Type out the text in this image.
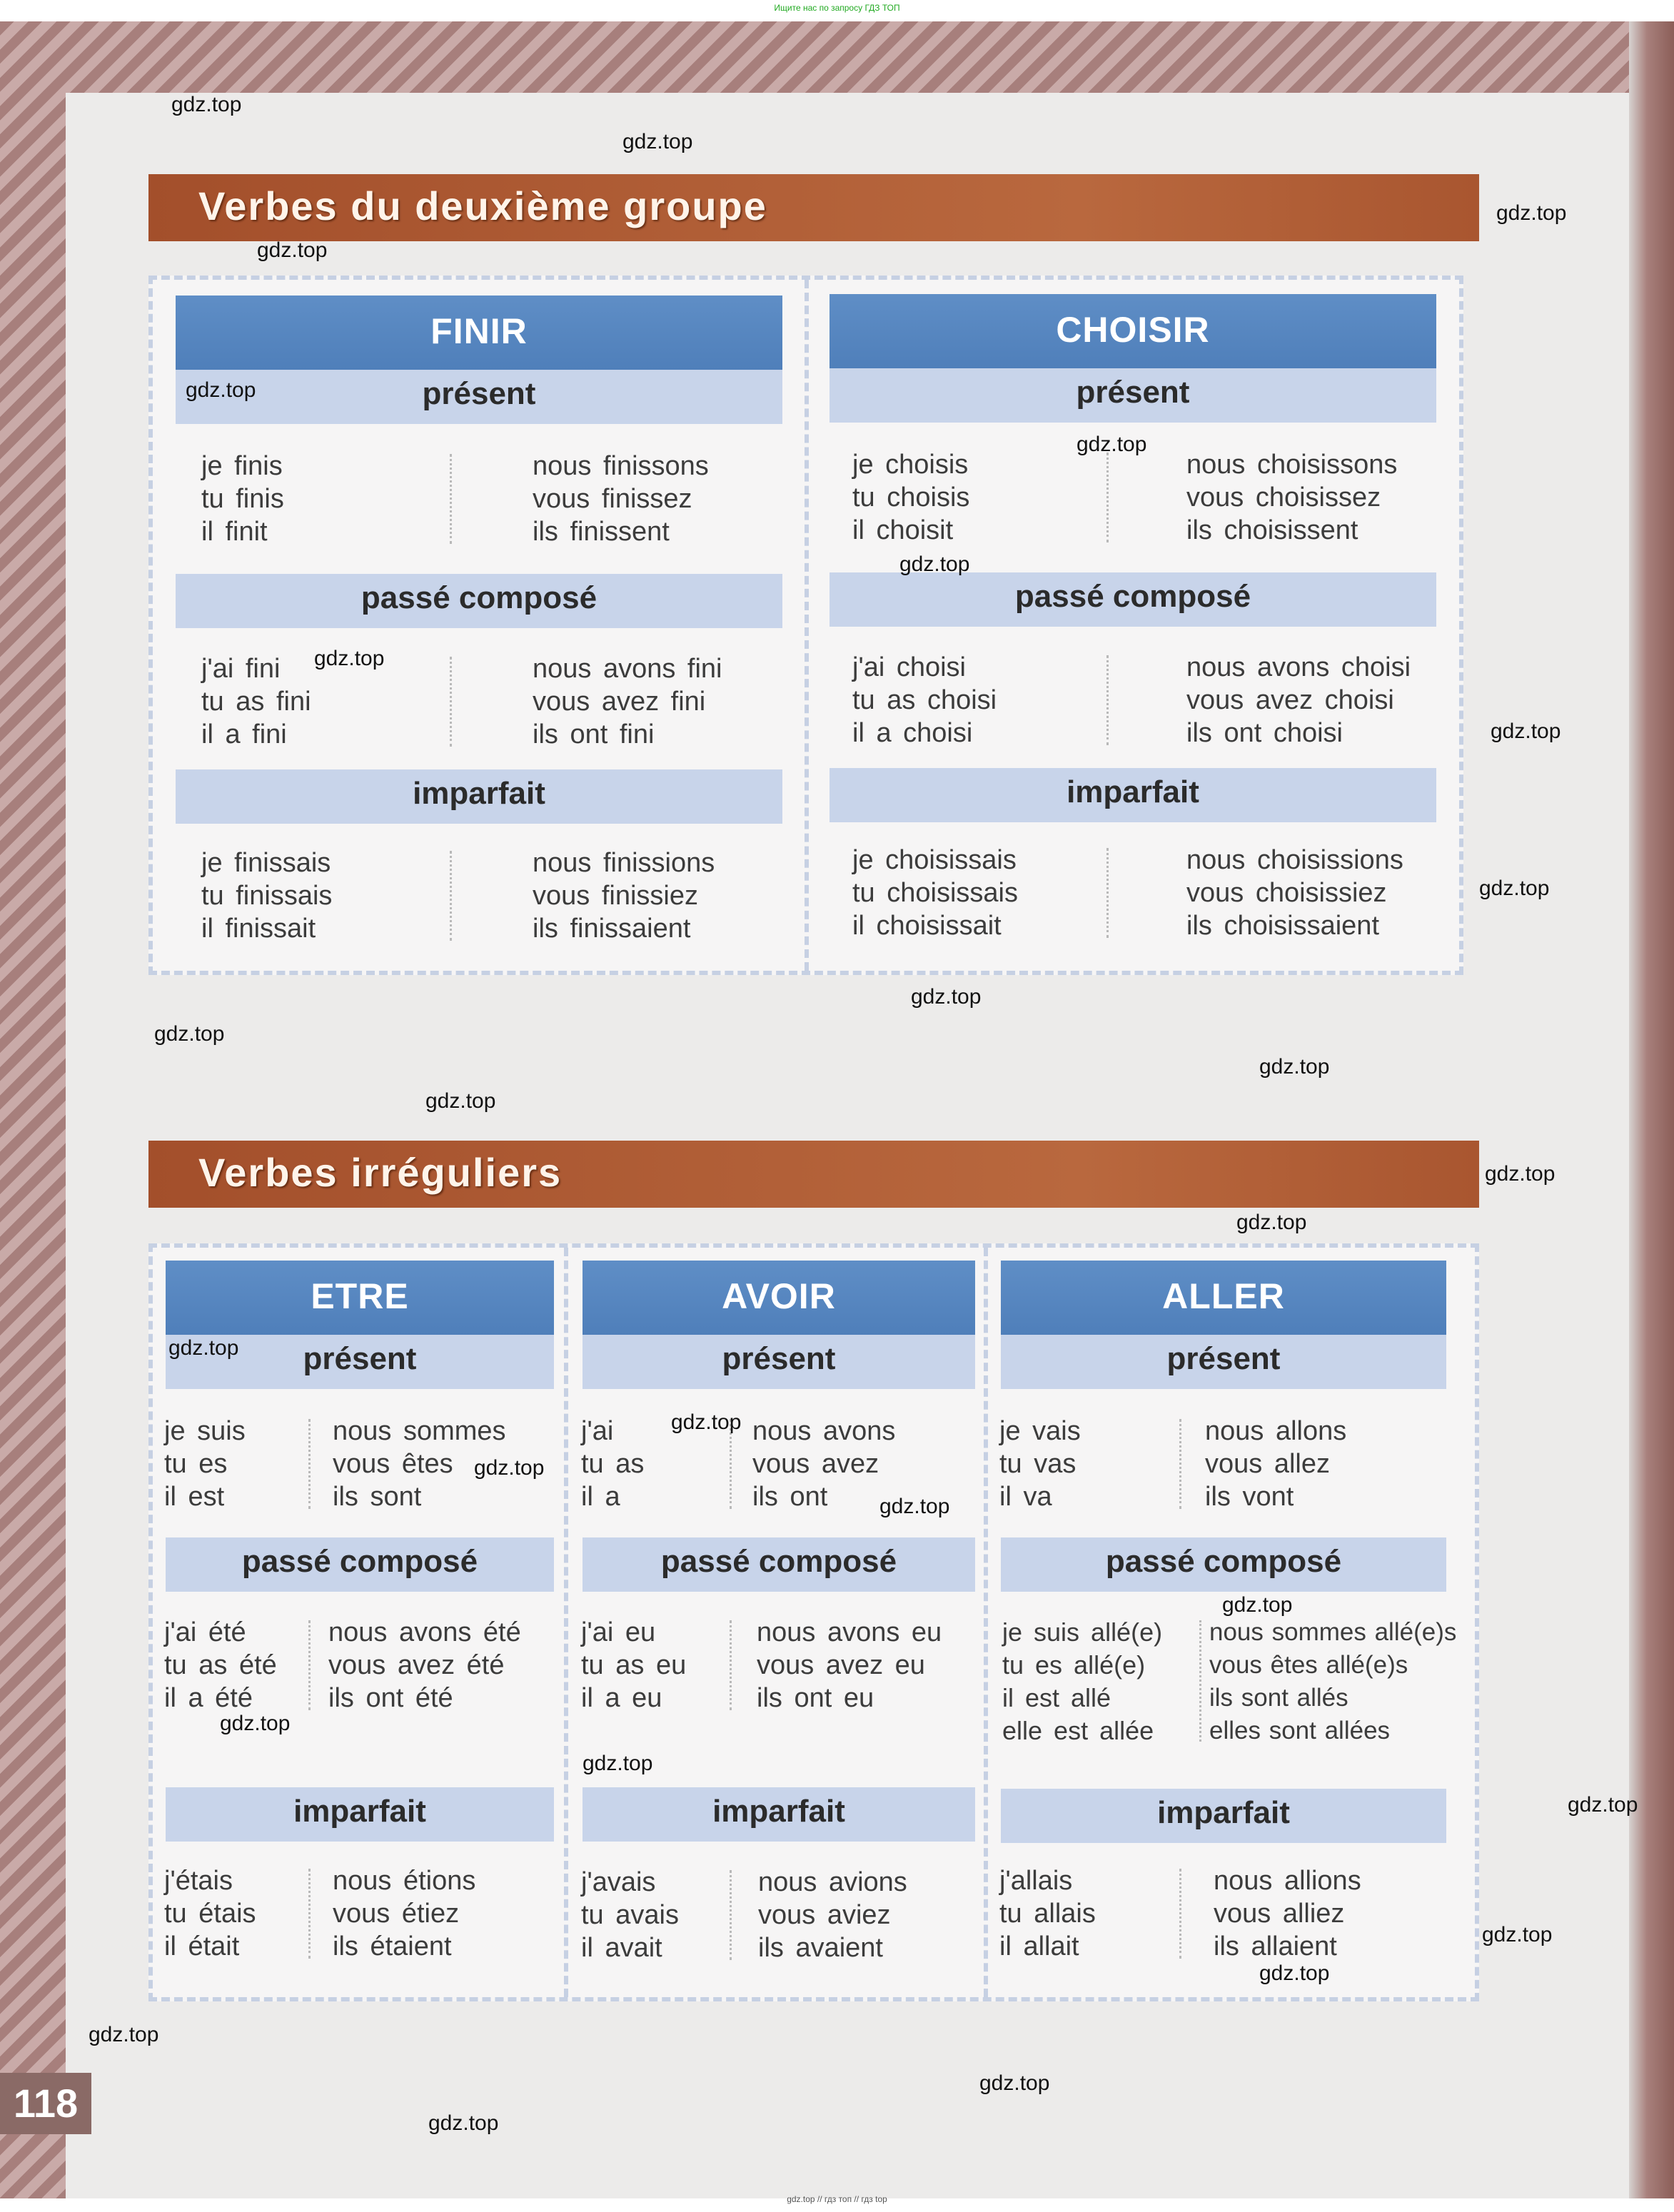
Ищите нас по запросу ГДЗ ТОП
Verbes du deuxième groupe
FINIR
présent
je finis
tu finis
il finit
nous finissons
vous finissez
ils finissent
passé composé
j'ai fini
tu as fini
il a fini
nous avons fini
vous avez fini
ils ont fini
imparfait
je finissais
tu finissais
il finissait
nous finissions
vous finissiez
ils finissaient
CHOISIR
présent
je choisis
tu choisis
il choisit
nous choisissons
vous choisissez
ils choisissent
passé composé
j'ai choisi
tu as choisi
il a choisi
nous avons choisi
vous avez choisi
ils ont choisi
imparfait
je choisissais
tu choisissais
il choisissait
nous choisissions
vous choisissiez
ils choisissaient
Verbes irréguliers
ETRE
présent
je suis
tu es
il est
nous sommes
vous êtes
ils sont
passé composé
j'ai été
tu as été
il a été
nous avons été
vous avez été
ils ont été
imparfait
j'étais
tu étais
il était
nous étions
vous étiez
ils étaient
AVOIR
présent
j'ai
tu as
il a
nous avons
vous avez
ils ont
passé composé
j'ai eu
tu as eu
il a eu
nous avons eu
vous avez eu
ils ont eu
imparfait
j'avais
tu avais
il avait
nous avions
vous aviez
ils avaient
ALLER
présent
je vais
tu vas
il va
nous allons
vous allez
ils vont
passé composé
je suis allé(e)
tu es allé(e)
il est allé
elle est allée
nous sommes allé(e)s
vous êtes allé(e)s
ils sont allés
elles sont allées
imparfait
j'allais
tu allais
il allait
nous allions
vous alliez
ils allaient
118
gdz.top
gdz.top
gdz.top
gdz.top
gdz.top
gdz.top
gdz.top
gdz.top
gdz.top
gdz.top
gdz.top
gdz.top
gdz.top
gdz.top
gdz.top
gdz.top
gdz.top
gdz.top
gdz.top
gdz.top
gdz.top
gdz.top
gdz.top
gdz.top
gdz.top
gdz.top
gdz.top
gdz.top
gdz.top
gdz.top // гдз топ // гдз top
